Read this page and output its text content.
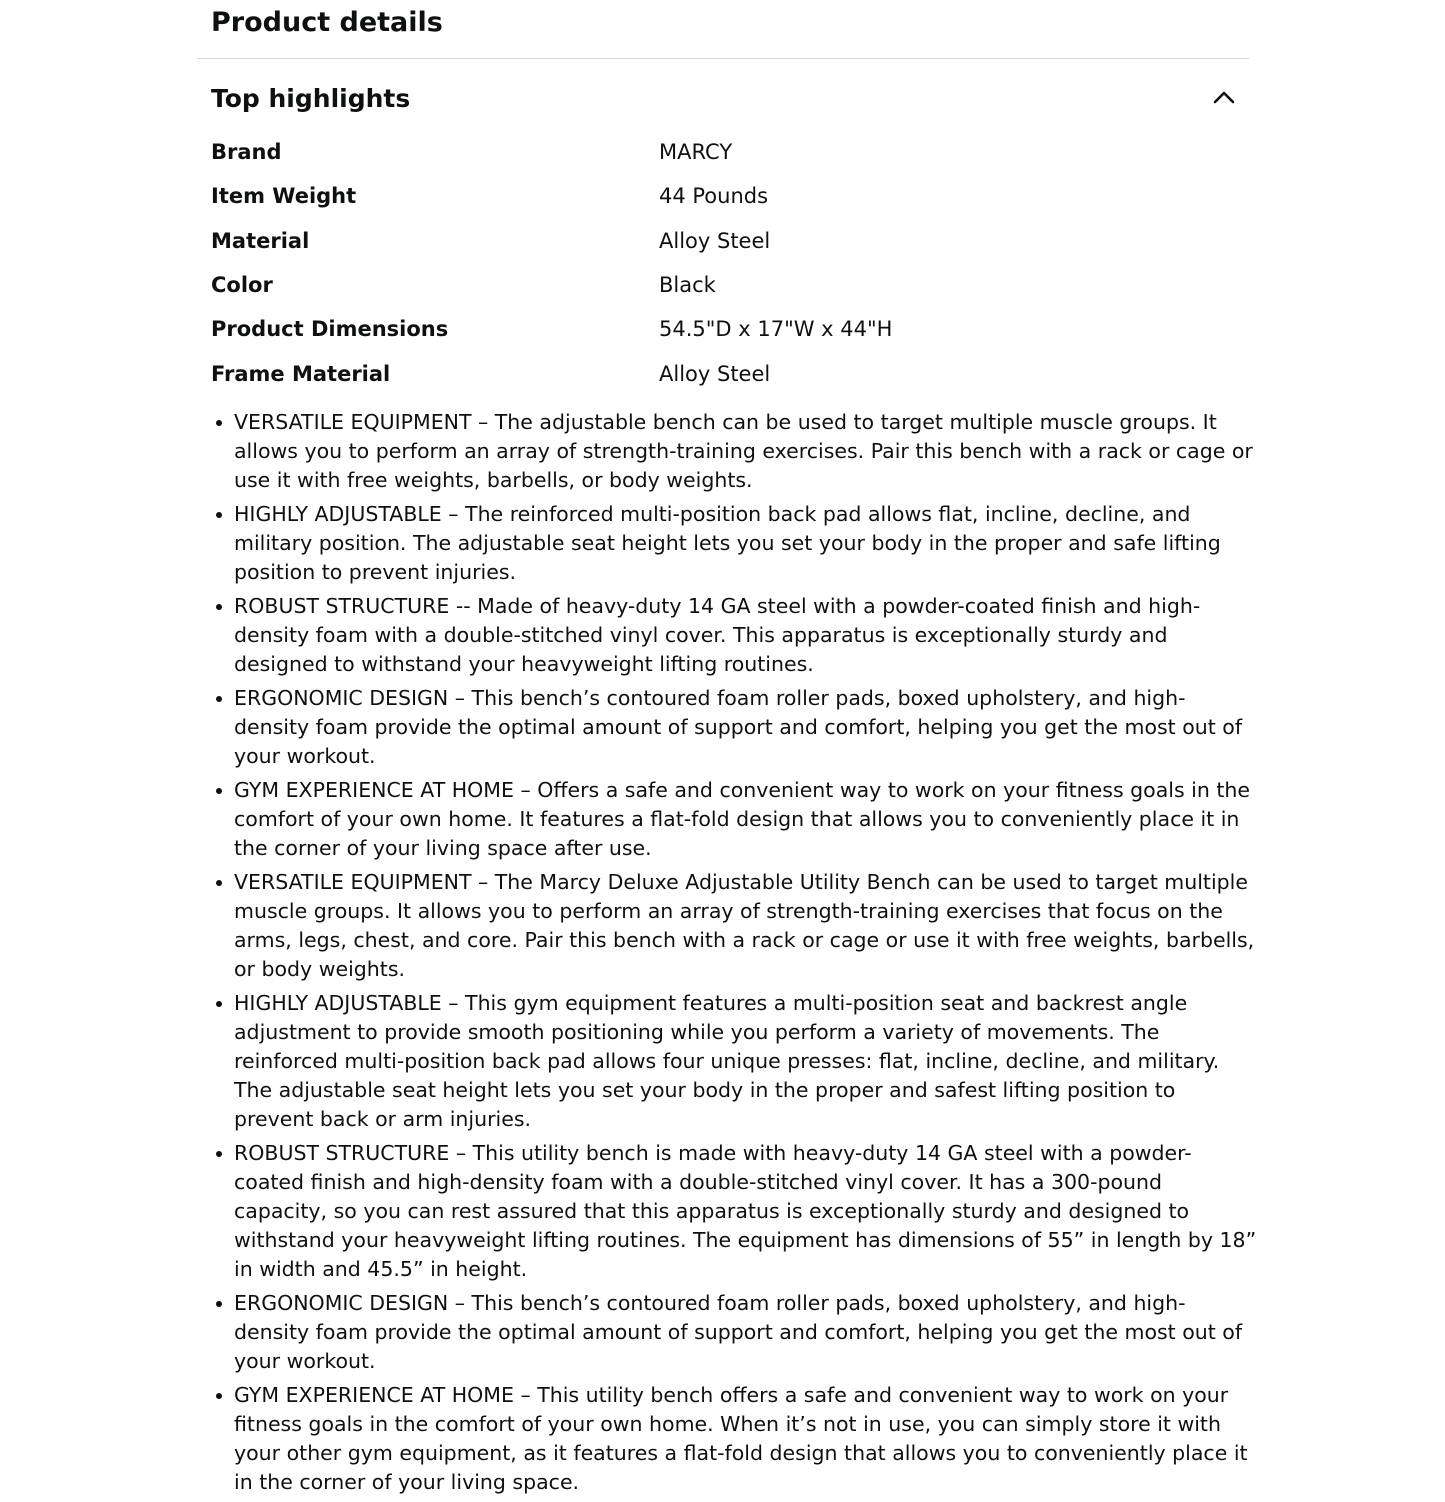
Product details
Top highlights
Brand	MARCY
Item Weight	44 Pounds
Material	Alloy Steel
Color	Black
Product Dimensions	54.5"D x 17"W x 44"H
Frame Material	Alloy Steel
VERSATILE EQUIPMENT – The adjustable bench can be used to target multiple muscle groups. It allows you to perform an array of strength-training exercises. Pair this bench with a rack or cage or use it with free weights, barbells, or body weights.
HIGHLY ADJUSTABLE – The reinforced multi-position back pad allows flat, incline, decline, and military position. The adjustable seat height lets you set your body in the proper and safe lifting position to prevent injuries.
ROBUST STRUCTURE -- Made of heavy-duty 14 GA steel with a powder-coated finish and high-density foam with a double-stitched vinyl cover. This apparatus is exceptionally sturdy and designed to withstand your heavyweight lifting routines.
ERGONOMIC DESIGN – This bench’s contoured foam roller pads, boxed upholstery, and high-density foam provide the optimal amount of support and comfort, helping you get the most out of your workout.
GYM EXPERIENCE AT HOME – Offers a safe and convenient way to work on your fitness goals in the comfort of your own home. It features a flat-fold design that allows you to conveniently place it in the corner of your living space after use.
VERSATILE EQUIPMENT – The Marcy Deluxe Adjustable Utility Bench can be used to target multiple muscle groups. It allows you to perform an array of strength-training exercises that focus on the arms, legs, chest, and core. Pair this bench with a rack or cage or use it with free weights, barbells, or body weights.
HIGHLY ADJUSTABLE – This gym equipment features a multi-position seat and backrest angle adjustment to provide smooth positioning while you perform a variety of movements. The reinforced multi-position back pad allows four unique presses: flat, incline, decline, and military. The adjustable seat height lets you set your body in the proper and safest lifting position to prevent back or arm injuries.
ROBUST STRUCTURE – This utility bench is made with heavy-duty 14 GA steel with a powder-coated finish and high-density foam with a double-stitched vinyl cover. It has a 300-pound capacity, so you can rest assured that this apparatus is exceptionally sturdy and designed to withstand your heavyweight lifting routines. The equipment has dimensions of 55” in length by 18” in width and 45.5” in height.
ERGONOMIC DESIGN – This bench’s contoured foam roller pads, boxed upholstery, and high-density foam provide the optimal amount of support and comfort, helping you get the most out of your workout.
GYM EXPERIENCE AT HOME – This utility bench offers a safe and convenient way to work on your fitness goals in the comfort of your own home. When it’s not in use, you can simply store it with your other gym equipment, as it features a flat-fold design that allows you to conveniently place it in the corner of your living space.
